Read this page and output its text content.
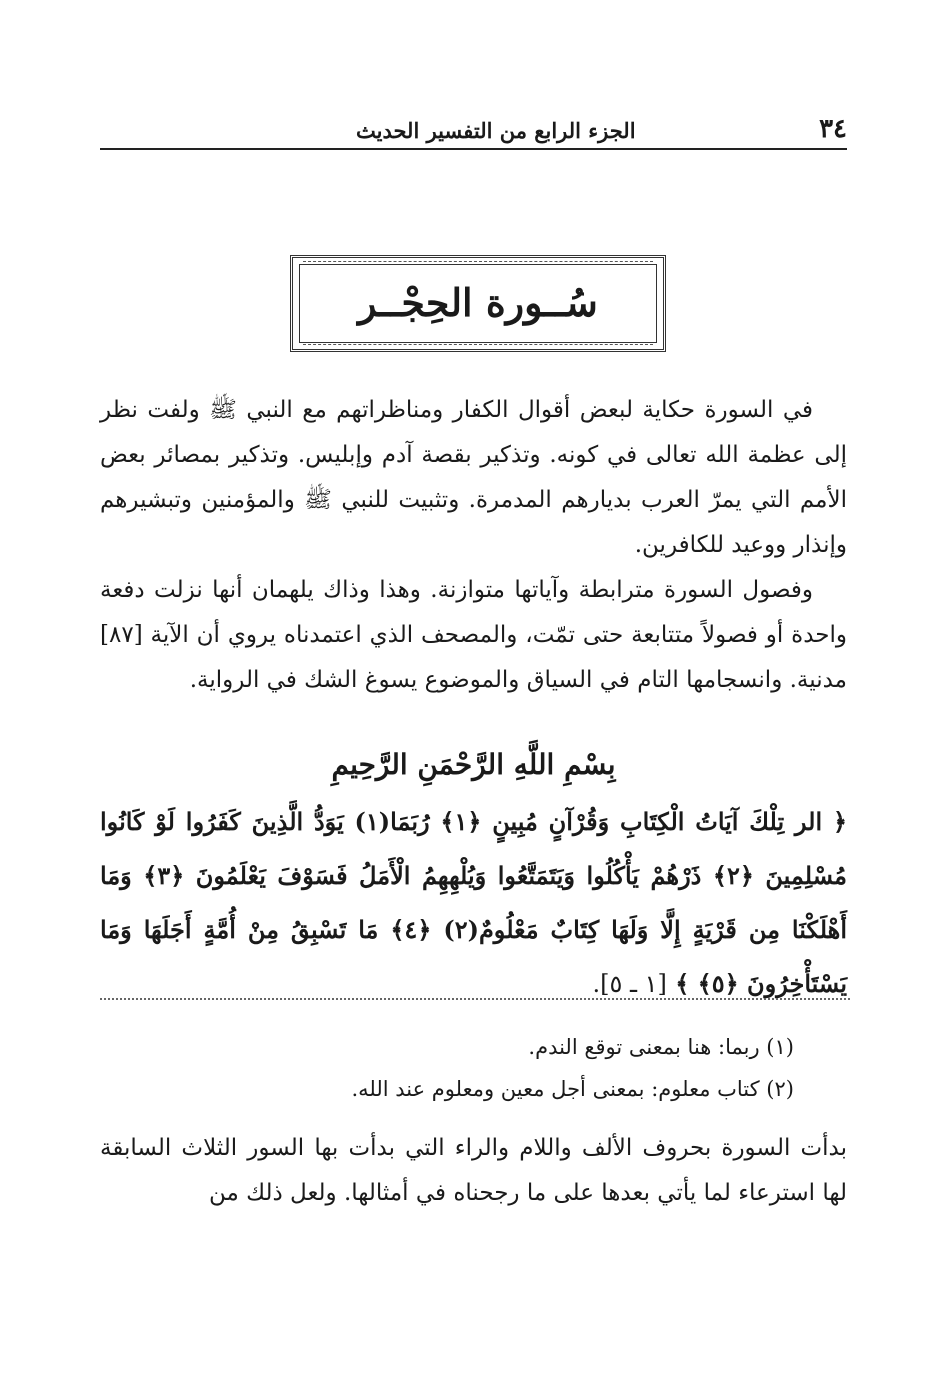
٣٤
الجزء الرابع من التفسير الحديث
سُــورة الحِجْــر

في السورة حكاية لبعض أقوال الكفار ومناظراتهم مع النبي ﷺ ولفت نظر إلى عظمة الله تعالى في كونه. وتذكير بقصة آدم وإبليس. وتذكير بمصائر بعض الأمم التي يمرّ العرب بديارهم المدمرة. وتثبيت للنبي ﷺ والمؤمنين وتبشيرهم وإنذار ووعيد للكافرين.

وفصول السورة مترابطة وآياتها متوازنة. وهذا وذاك يلهمان أنها نزلت دفعة واحدة أو فصولاً متتابعة حتى تمّت، والمصحف الذي اعتمدناه يروي أن الآية [٨٧] مدنية. وانسجامها التام في السياق والموضوع يسوغ الشك في الرواية.

بِسْمِ اللَّهِ الرَّحْمَنِ الرَّحِيمِ

﴿ الر تِلْكَ آيَاتُ الْكِتَابِ وَقُرْآنٍ مُبِينٍ ﴿١﴾ رُبَمَا(١) يَوَدُّ الَّذِينَ كَفَرُوا لَوْ كَانُوا مُسْلِمِينَ ﴿٢﴾ ذَرْهُمْ يَأْكُلُوا وَيَتَمَتَّعُوا وَيُلْهِهِمُ الْأَمَلُ فَسَوْفَ يَعْلَمُونَ ﴿٣﴾ وَمَا أَهْلَكْنَا مِن قَرْيَةٍ إِلَّا وَلَهَا كِتَابٌ مَعْلُومٌ(٢) ﴿٤﴾ مَا تَسْبِقُ مِنْ أُمَّةٍ أَجَلَهَا وَمَا يَسْتَأْخِرُونَ ﴿٥﴾ ﴾ [١ ـ ٥].

(١) ربما: هنا بمعنى توقع الندم.

(٢) كتاب معلوم: بمعنى أجل معين ومعلوم عند الله.

بدأت السورة بحروف الألف واللام والراء التي بدأت بها السور الثلاث السابقة لها استرعاء لما يأتي بعدها على ما رجحناه في أمثالها. ولعل ذلك من
